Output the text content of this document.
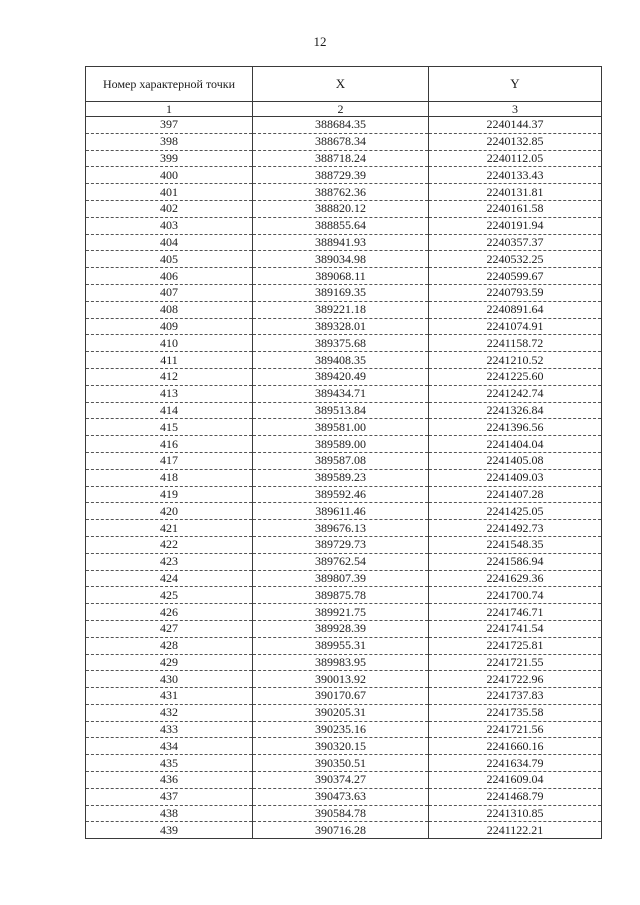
12
Номер характерной точки	X	Y
1	2	3
397	388684.35	2240144.37
398	388678.34	2240132.85
399	388718.24	2240112.05
400	388729.39	2240133.43
401	388762.36	2240131.81
402	388820.12	2240161.58
403	388855.64	2240191.94
404	388941.93	2240357.37
405	389034.98	2240532.25
406	389068.11	2240599.67
407	389169.35	2240793.59
408	389221.18	2240891.64
409	389328.01	2241074.91
410	389375.68	2241158.72
411	389408.35	2241210.52
412	389420.49	2241225.60
413	389434.71	2241242.74
414	389513.84	2241326.84
415	389581.00	2241396.56
416	389589.00	2241404.04
417	389587.08	2241405.08
418	389589.23	2241409.03
419	389592.46	2241407.28
420	389611.46	2241425.05
421	389676.13	2241492.73
422	389729.73	2241548.35
423	389762.54	2241586.94
424	389807.39	2241629.36
425	389875.78	2241700.74
426	389921.75	2241746.71
427	389928.39	2241741.54
428	389955.31	2241725.81
429	389983.95	2241721.55
430	390013.92	2241722.96
431	390170.67	2241737.83
432	390205.31	2241735.58
433	390235.16	2241721.56
434	390320.15	2241660.16
435	390350.51	2241634.79
436	390374.27	2241609.04
437	390473.63	2241468.79
438	390584.78	2241310.85
439	390716.28	2241122.21
